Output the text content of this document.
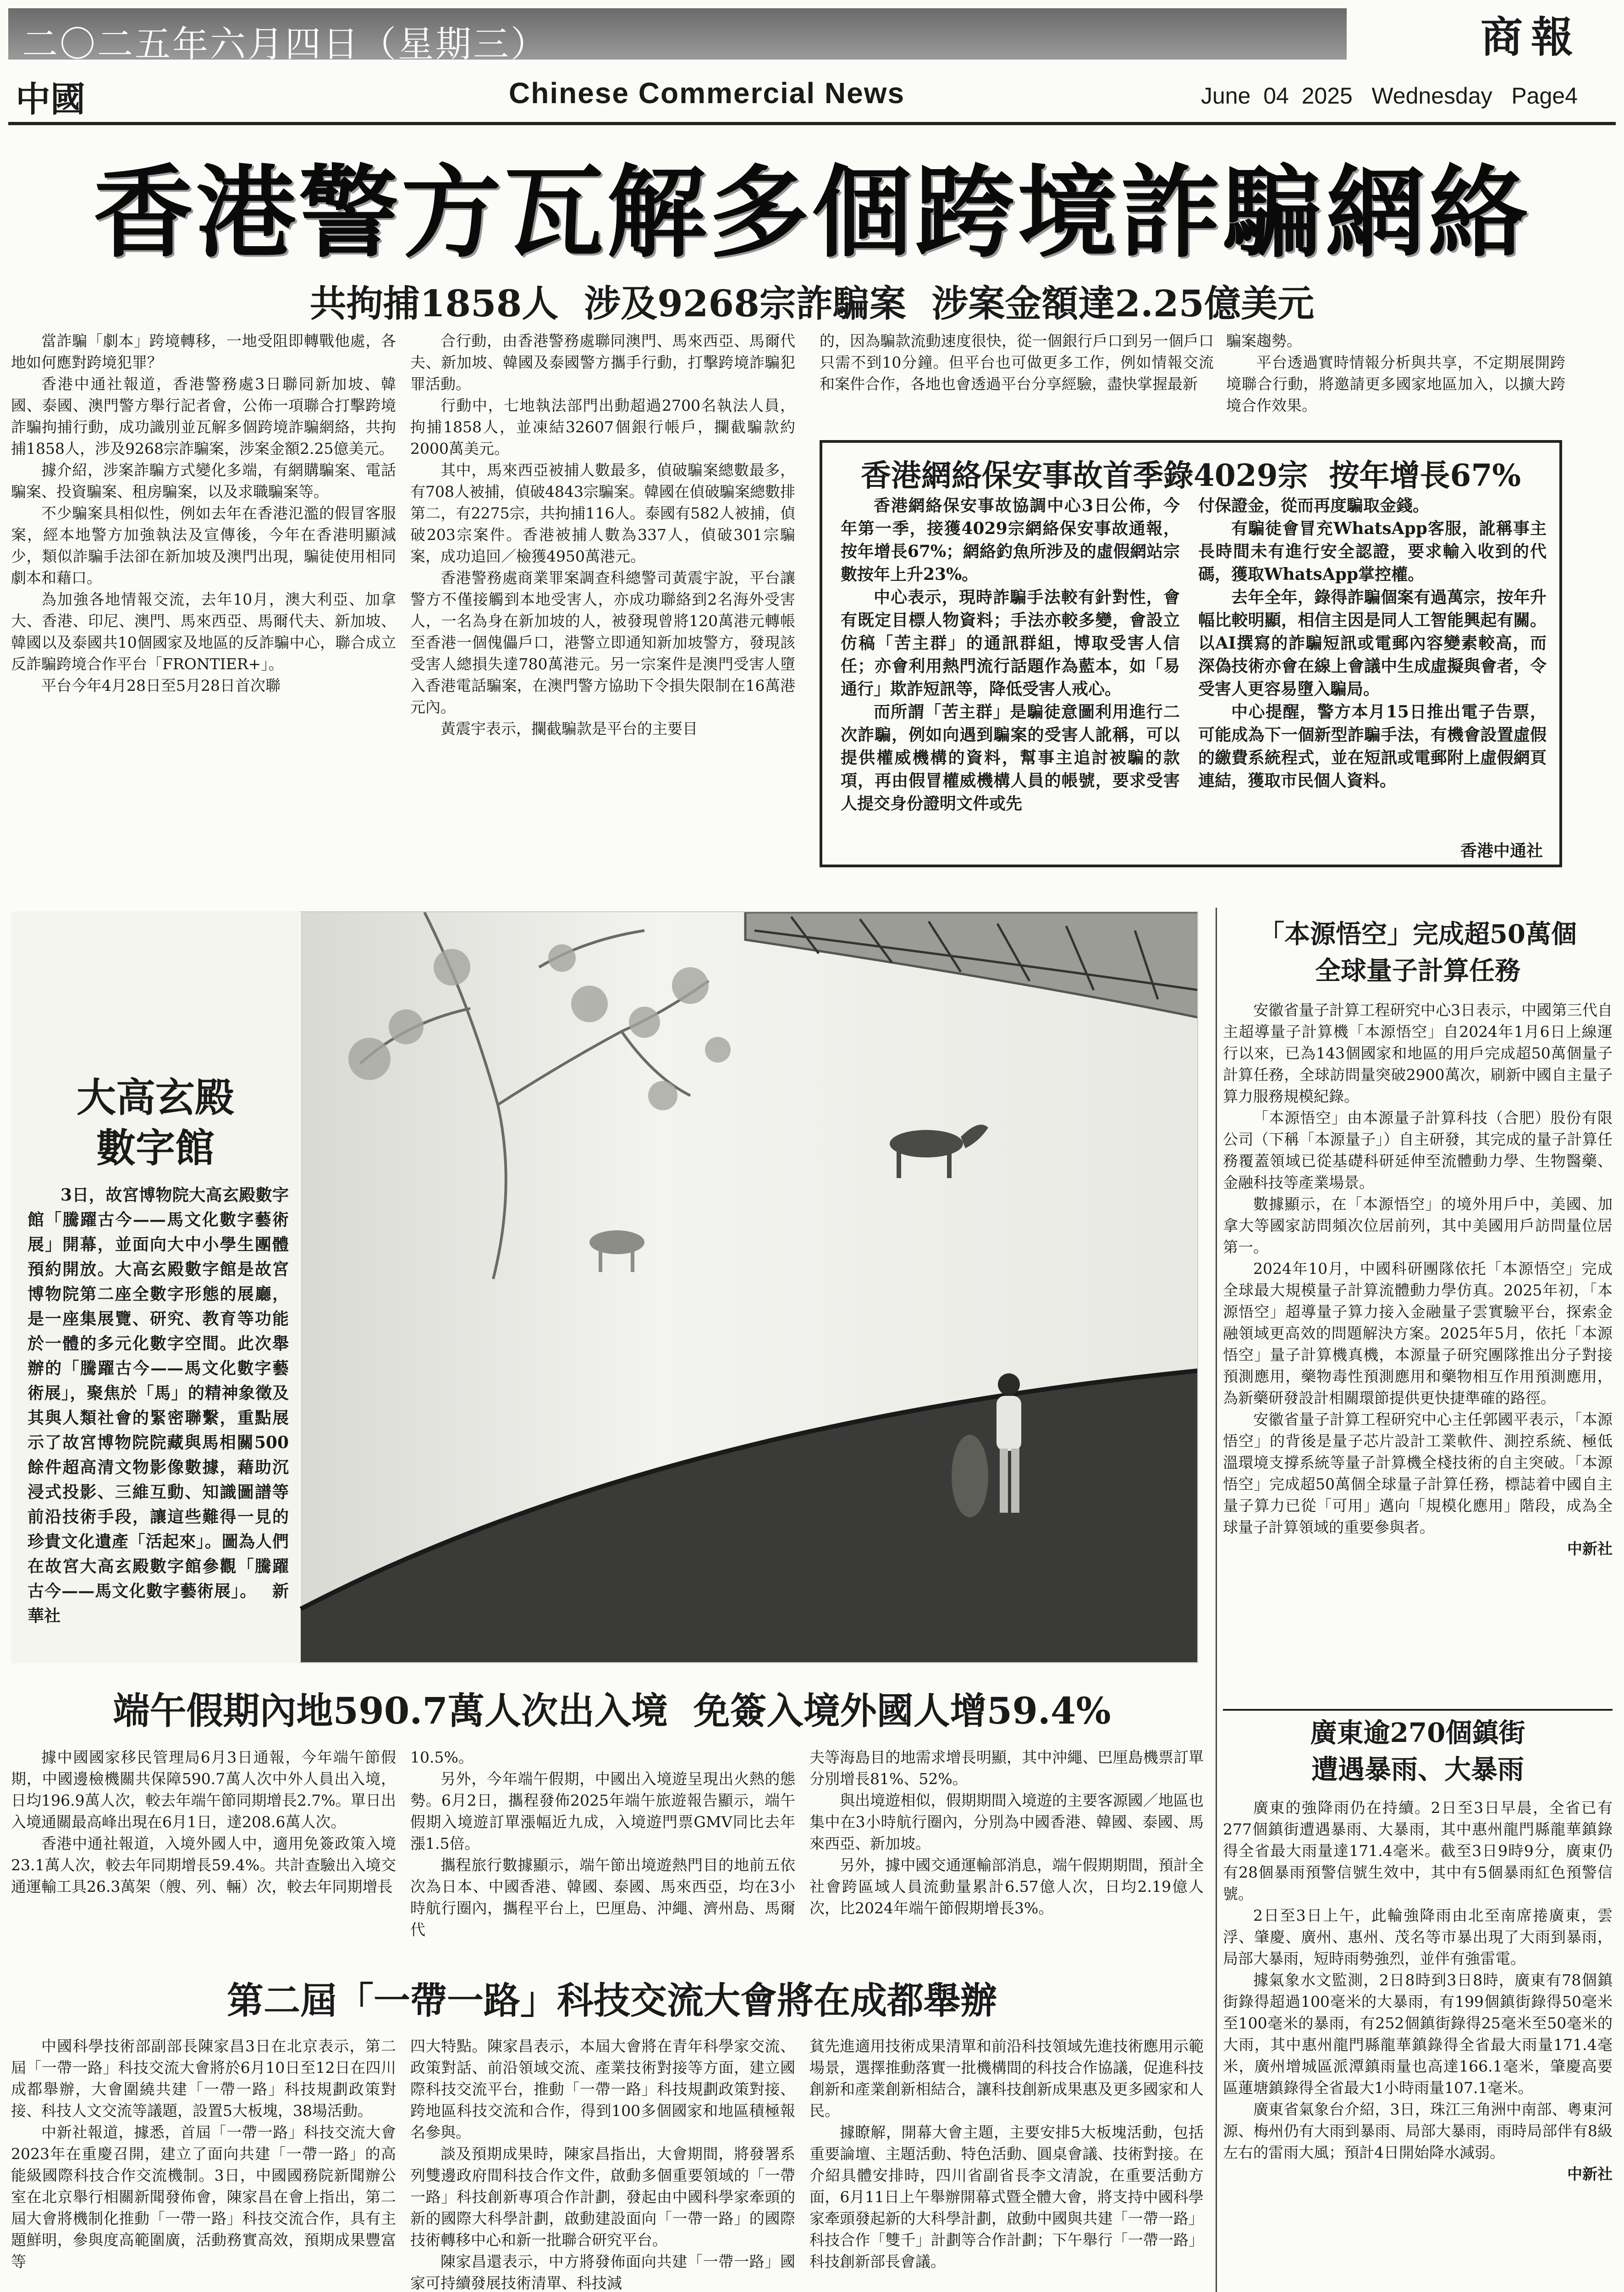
二〇二五年六月四日（星期三）	商報
中國	Chinese Commercial News	June  04  2025   Wednesday   Page4
香港警方瓦解多個跨境詐騙網絡
共拘捕1858人  涉及9268宗詐騙案  涉案金額達2.25億美元

當詐騙「劇本」跨境轉移，一地受阻即轉戰他處，各地如何應對跨境犯罪？

香港中通社報道，香港警務處3日聯同新加坡、韓國、泰國、澳門警方舉行記者會，公佈一項聯合打擊跨境詐騙拘捕行動，成功識別並瓦解多個跨境詐騙網絡，共拘捕1858人，涉及9268宗詐騙案，涉案金額2.25億美元。

據介紹，涉案詐騙方式變化多端，有網購騙案、電話騙案、投資騙案、租房騙案，以及求職騙案等。

不少騙案具相似性，例如去年在香港氾濫的假冒客服案，經本地警方加強執法及宣傳後，今年在香港明顯減少，類似詐騙手法卻在新加坡及澳門出現，騙徒使用相同劇本和藉口。

為加強各地情報交流，去年10月，澳大利亞、加拿大、香港、印尼、澳門、馬來西亞、馬爾代夫、新加坡、韓國以及泰國共10個國家及地區的反詐騙中心，聯合成立反詐騙跨境合作平台「FRONTIER+」。

平台今年4月28日至5月28日首次聯

合行動，由香港警務處聯同澳門、馬來西亞、馬爾代夫、新加坡、韓國及泰國警方攜手行動，打擊跨境詐騙犯罪活動。

行動中，七地執法部門出動超過2700名執法人員，拘捕1858人，並凍結32607個銀行帳戶，攔截騙款約2000萬美元。

其中，馬來西亞被捕人數最多，偵破騙案總數最多，有708人被捕，偵破4843宗騙案。韓國在偵破騙案總數排第二，有2275宗，共拘捕116人。泰國有582人被捕，偵破203宗案件。香港被捕人數為337人，偵破301宗騙案，成功追回／檢獲4950萬港元。

香港警務處商業罪案調查科總警司黃震宇說，平台讓警方不僅接觸到本地受害人，亦成功聯絡到2名海外受害人，一名為身在新加坡的人，被發現曾將120萬港元轉帳至香港一個傀儡戶口，港警立即通知新加坡警方，發現該受害人總損失達780萬港元。另一宗案件是澳門受害人墮入香港電話騙案，在澳門警方協助下令損失限制在16萬港元內。

黃震宇表示，攔截騙款是平台的主要目

的，因為騙款流動速度很快，從一個銀行戶口到另一個戶口只需不到10分鐘。但平台也可做更多工作，例如情報交流和案件合作，各地也會透過平台分享經驗，盡快掌握最新

騙案趨勢。

平台透過實時情報分析與共享，不定期展開跨境聯合行動，將邀請更多國家地區加入，以擴大跨境合作效果。

香港網絡保安事故首季錄4029宗  按年增長67%

香港網絡保安事故協調中心3日公佈，今年第一季，接獲4029宗網絡保安事故通報，按年增長67%；網絡釣魚所涉及的虛假網站宗數按年上升23%。

中心表示，現時詐騙手法較有針對性，會有既定目標人物資料；手法亦較多變，會設立仿稿「苦主群」的通訊群組，博取受害人信任；亦會利用熱門流行話題作為藍本，如「易通行」欺詐短訊等，降低受害人戒心。

而所謂「苦主群」是騙徒意圖利用進行二次詐騙，例如向遇到騙案的受害人訛稱，可以提供權威機構的資料，幫事主追討被騙的款項，再由假冒權威機構人員的帳號，要求受害人提交身份證明文件或先

付保證金，從而再度騙取金錢。

有騙徒會冒充WhatsApp客服，訛稱事主長時間未有進行安全認證，要求輸入收到的代碼，獲取WhatsApp掌控權。

去年全年，錄得詐騙個案有過萬宗，按年升幅比較明顯，相信主因是同人工智能興起有關。以AI撰寫的詐騙短訊或電郵內容變素較高，而深偽技術亦會在線上會議中生成虛擬與會者，令受害人更容易墮入騙局。

中心提醒，警方本月15日推出電子告票，可能成為下一個新型詐騙手法，有機會設置虛假的繳費系統程式，並在短訊或電郵附上虛假網頁連結，獲取市民個人資料。

香港中通社
大高玄殿
數字館
3日，故宮博物院大高玄殿數字館「騰躍古今——馬文化數字藝術展」開幕，並面向大中小學生團體預約開放。大高玄殿數字館是故宮博物院第二座全數字形態的展廳，是一座集展覽、研究、教育等功能於一體的多元化數字空間。此次舉辦的「騰躍古今——馬文化數字藝術展」，聚焦於「馬」的精神象徵及其與人類社會的緊密聯繫，重點展示了故宮博物院院藏與馬相關500餘件超高清文物影像數據，藉助沉浸式投影、三維互動、知識圖譜等前沿技術手段，讓這些難得一見的珍貴文化遺產「活起來」。圖為人們在故宮大高玄殿數字館參觀「騰躍古今——馬文化數字藝術展」。 新華社
「本源悟空」完成超50萬個
全球量子計算任務

安徽省量子計算工程研究中心3日表示，中國第三代自主超導量子計算機「本源悟空」自2024年1月6日上線運行以來，已為143個國家和地區的用戶完成超50萬個量子計算任務，全球訪問量突破2900萬次，刷新中國自主量子算力服務規模紀錄。

「本源悟空」由本源量子計算科技（合肥）股份有限公司（下稱「本源量子」）自主研發，其完成的量子計算任務覆蓋領域已從基礎科研延伸至流體動力學、生物醫藥、金融科技等產業場景。

數據顯示，在「本源悟空」的境外用戶中，美國、加拿大等國家訪問頻次位居前列，其中美國用戶訪問量位居第一。

2024年10月，中國科研團隊依托「本源悟空」完成全球最大規模量子計算流體動力學仿真。2025年初，「本源悟空」超導量子算力接入金融量子雲實驗平台，探索金融領域更高效的問題解決方案。2025年5月，依托「本源悟空」量子計算機真機，本源量子研究團隊推出分子對接預測應用，藥物毒性預測應用和藥物相互作用預測應用，為新藥研發設計相關環節提供更快捷準確的路徑。

安徽省量子計算工程研究中心主任郭國平表示，「本源悟空」的背後是量子芯片設計工業軟件、測控系統、極低溫環境支撐系統等量子計算機全棧技術的自主突破。「本源悟空」完成超50萬個全球量子計算任務，標誌着中國自主量子算力已從「可用」邁向「規模化應用」階段，成為全球量子計算領域的重要參與者。

中新社

廣東逾270個鎮街
遭遇暴雨、大暴雨

廣東的強降雨仍在持續。2日至3日早晨，全省已有277個鎮街遭遇暴雨、大暴雨，其中惠州龍門縣龍華鎮錄得全省最大雨量達171.4毫米。截至3日9時9分，廣東仍有28個暴雨預警信號生效中，其中有5個暴雨紅色預警信號。

2日至3日上午，此輪強降雨由北至南席捲廣東，雲浮、肇慶、廣州、惠州、茂名等市暴出現了大雨到暴雨，局部大暴雨，短時雨勢強烈，並伴有強雷電。

據氣象水文監測，2日8時到3日8時，廣東有78個鎮街錄得超過100毫米的大暴雨，有199個鎮街錄得50毫米至100毫米的暴雨，有252個鎮街錄得25毫米至50毫米的大雨，其中惠州龍門縣龍華鎮錄得全省最大雨量171.4毫米，廣州增城區派潭鎮雨量也高達166.1毫米，肇慶高要區蓮塘鎮錄得全省最大1小時雨量107.1毫米。

廣東省氣象台介紹，3日，珠江三角洲中南部、粵東河源、梅州仍有大雨到暴雨、局部大暴雨，雨時局部伴有8級左右的雷雨大風；預計4日開始降水減弱。

中新社

端午假期內地590.7萬人次出入境  免簽入境外國人增59.4%

據中國國家移民管理局6月3日通報，今年端午節假期，中國邊檢機關共保障590.7萬人次中外人員出入境，日均196.9萬人次，較去年端午節同期增長2.7%。單日出入境通關最高峰出現在6月1日，達208.6萬人次。

香港中通社報道，入境外國人中，適用免簽政策入境23.1萬人次，較去年同期增長59.4%。共計查驗出入境交通運輸工具26.3萬架（艘、列、輛）次，較去年同期增長

10.5%。

另外，今年端午假期，中國出入境遊呈現出火熱的態勢。6月2日，攜程發佈2025年端午旅遊報告顯示，端午假期入境遊訂單漲幅近九成，入境遊門票GMV同比去年漲1.5倍。

攜程旅行數據顯示，端午節出境遊熱門目的地前五依次為日本、中國香港、韓國、泰國、馬來西亞，均在3小時航行圈內，攜程平台上，巴厘島、沖繩、濟州島、馬爾代

夫等海島目的地需求增長明顯，其中沖繩、巴厘島機票訂單分別增長81%、52%。

與出境遊相似，假期期間入境遊的主要客源國／地區也集中在3小時航行圈內，分別為中國香港、韓國、泰國、馬來西亞、新加坡。

另外，據中國交通運輸部消息，端午假期期間，預計全社會跨區域人員流動量累計6.57億人次，日均2.19億人次，比2024年端午節假期增長3%。

第二屆「一帶一路」科技交流大會將在成都舉辦

中國科學技術部副部長陳家昌3日在北京表示，第二屆「一帶一路」科技交流大會將於6月10日至12日在四川成都舉辦，大會圍繞共建「一帶一路」科技規劃政策對接、科技人文交流等議題，設置5大板塊，38場活動。

中新社報道，據悉，首屆「一帶一路」科技交流大會2023年在重慶召開，建立了面向共建「一帶一路」的高能級國際科技合作交流機制。3日，中國國務院新聞辦公室在北京舉行相關新聞發佈會，陳家昌在會上指出，第二屆大會將機制化推動「一帶一路」科技交流合作，具有主題鮮明，參與度高範圍廣，活動務實高效，預期成果豐富等

四大特點。陳家昌表示，本屆大會將在青年科學家交流、政策對話、前沿領域交流、產業技術對接等方面，建立國際科技交流平台，推動「一帶一路」科技規劃政策對接、跨地區科技交流和合作，得到100多個國家和地區積極報名參與。

談及預期成果時，陳家昌指出，大會期間，將發署系列雙邊政府間科技合作文件，啟動多個重要領域的「一帶一路」科技創新專項合作計劃，發起由中國科學家牽頭的新的國際大科學計劃，啟動建設面向「一帶一路」的國際技術轉移中心和新一批聯合研究平台。

陳家昌還表示，中方將發佈面向共建「一帶一路」國家可持續發展技術清單、科技減

貧先進適用技術成果清單和前沿科技領域先進技術應用示範場景，選擇推動落實一批機構間的科技合作協議，促進科技創新和產業創新相結合，讓科技創新成果惠及更多國家和人民。

據瞭解，開幕大會主題，主要安排5大板塊活動，包括重要論壇、主題活動、特色活動、圓桌會議、技術對接。在介紹具體安排時，四川省副省長李文清說，在重要活動方面，6月11日上午舉辦開幕式暨全體大會，將支持中國科學家牽頭發起新的大科學計劃，啟動中國與共建「一帶一路」科技合作「雙千」計劃等合作計劃；下午舉行「一帶一路」科技創新部長會議。
